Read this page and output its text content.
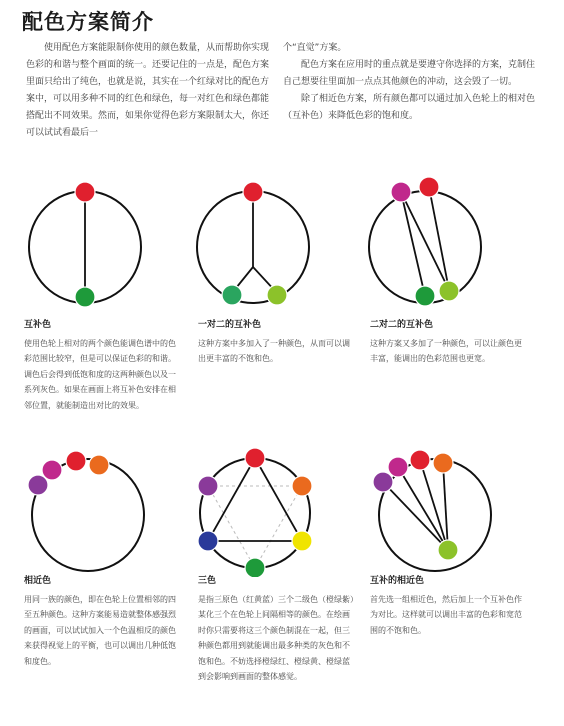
配色方案简介

使用配色方案能限制你使用的颜色数量，从而帮助你实现色彩的和谐与整个画面的统一。还要记住的一点是，配色方案里面只给出了纯色，也就是说，其实在一个红绿对比的配色方案中，可以用多种不同的红色和绿色，每一对红色和绿色都能搭配出不同效果。然而，如果你觉得色彩方案限制太大，你还可以试试看最后一

个“直觉”方案。

配色方案在应用时的重点就是要遵守你选择的方案，克制住自己想要往里面加一点点其他颜色的冲动，这会毁了一切。

除了相近色方案，所有颜色都可以通过加入色轮上的相对色（互补色）来降低色彩的饱和度。

互补色
使用色轮上相对的两个颜色能调色谱中的色彩范围比较窄，但是可以保证色彩的和谐。调色后会得到低饱和度的这两种颜色以及一系列灰色。如果在画面上将互补色安排在相邻位置，就能制造出对比的效果。
一对二的互补色
这种方案中多加入了一种颜色，从而可以调出更丰富的不饱和色。
二对二的互补色
这种方案又多加了一种颜色，可以让颜色更丰富，能调出的色彩范围也更宽。
相近色
用同一族的颜色，即在色轮上位置相邻的四至五种颜色。这种方案能易造就整体感强烈的画面，可以试试加入一个色温相反的颜色来获得视觉上的平衡，也可以调出几种低饱和度色。
三色
是指三原色（红黄蓝）三个二级色（橙绿紫）某化三个在色轮上间隔相等的颜色。在绘画时你只需要将这三个颜色制混在一起，但三种颜色都用到就能调出最多种类的灰色和不饱和色。不妨选择橙绿红、橙绿黄、橙绿蓝到会影响到画面的整体感觉。
互补的相近色
首先选一组相近色，然后加上一个互补色作为对比。这样就可以调出丰富的色彩和宽范围的不饱和色。
